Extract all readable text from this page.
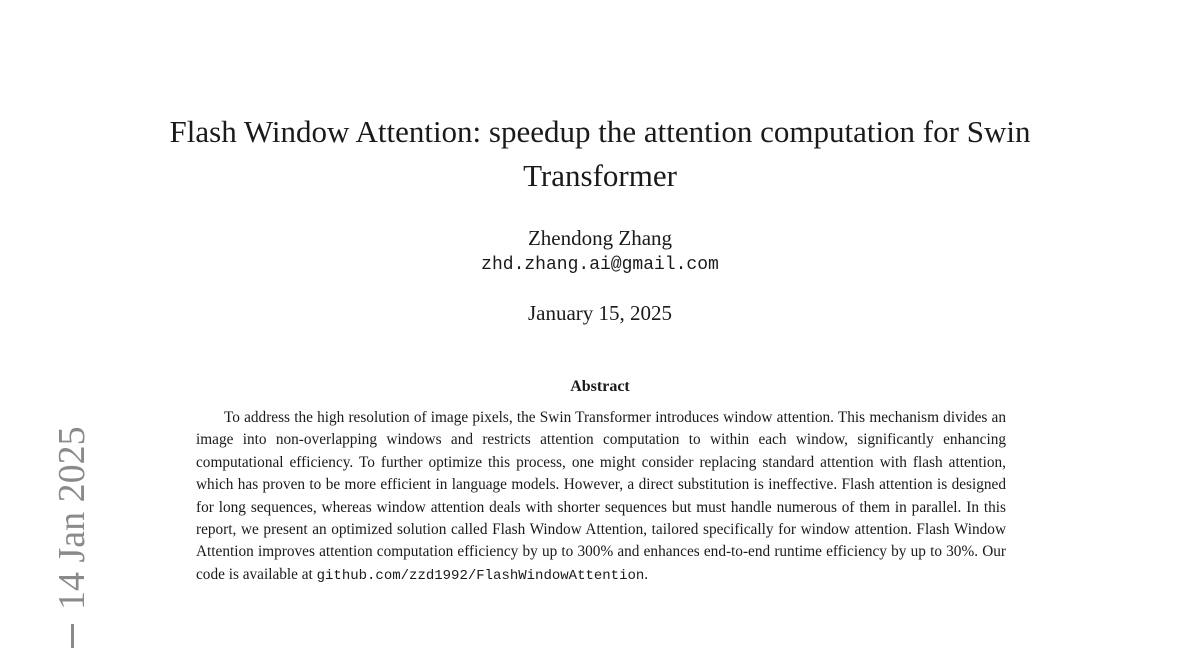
Flash Window Attention: speedup the attention computation for Swin Transformer
Zhendong Zhang
zhd.zhang.ai@gmail.com
January 15, 2025
Abstract

To address the high resolution of image pixels, the Swin Transformer introduces window attention. This mechanism divides an image into non-overlapping windows and restricts attention computation to within each window, significantly enhancing computational efficiency. To further optimize this process, one might consider replacing standard attention with flash attention, which has proven to be more efficient in language models. However, a direct substitution is ineffective. Flash attention is designed for long sequences, whereas window attention deals with shorter sequences but must handle numerous of them in parallel. In this report, we present an optimized solution called Flash Window Attention, tailored specifically for window attention. Flash Window Attention improves attention computation efficiency by up to 300% and enhances end-to-end runtime efficiency by up to 30%. Our code is available at github.com/zzd1992/FlashWindowAttention.

14 Jan 2025
